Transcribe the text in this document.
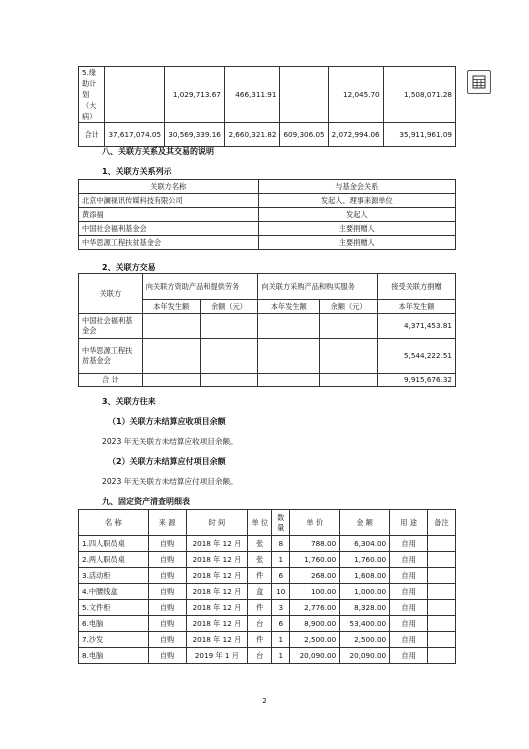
5.缘助计划（大病）		1,029,713.67	466,311.91		12,045.70	1,508,071.28
合计	37,617,074.05	30,569,339.16	2,660,321.82	609,306.05	2,072,994.06	35,911,961.09
八、关联方关系及其交易的说明
1、关联方关系列示
关联方名称	与基金会关系
北京中澜视讯传媒科技有限公司	发起人、理事来源单位
黄添福	发起人
中国社会福利基金会	主要捐赠人
中华思源工程扶贫基金会	主要捐赠人
2、关联方交易
关联方	向关联方资助产品和提供劳务		向关联方采购产品和购买服务		接受关联方捐赠
	本年发生额	余额（元）	本年发生额	余额（元）	本年发生额
中国社会福利基金会					4,371,453.81
中华思源工程扶贫基金会					5,544,222.51
合 计					9,915,676.32
3、关联方往来
（1）关联方未结算应收项目余额
2023 年无关联方未结算应收项目余额。
（2）关联方未结算应付项目余额
2023 年无关联方未结算应付项目余额。
九、固定资产清查明细表
名 称	来 源	时 间	单 位	数量	单 价	金 额	用 途	备注
1.四人职员桌	自购	2018 年 12 月	张	8	788.00	6,304.00	自用	
2.两人职员桌	自购	2018 年 12 月	张	1	1,760.00	1,760.00	自用	
3.活动柜	自购	2018 年 12 月	件	6	268.00	1,608.00	自用	
4.中腰线盒	自购	2018 年 12 月	盒	10	100.00	1,000.00	自用	
5.文件柜	自购	2018 年 12 月	件	3	2,776.00	8,328.00	自用	
6.电脑	自购	2018 年 12 月	台	6	8,900.00	53,400.00	自用	
7.沙发	自购	2018 年 12 月	件	1	2,500.00	2,500.00	自用	
8.电脑	自购	2019 年 1 月	台	1	20,090.00	20,090.00	自用	
2
